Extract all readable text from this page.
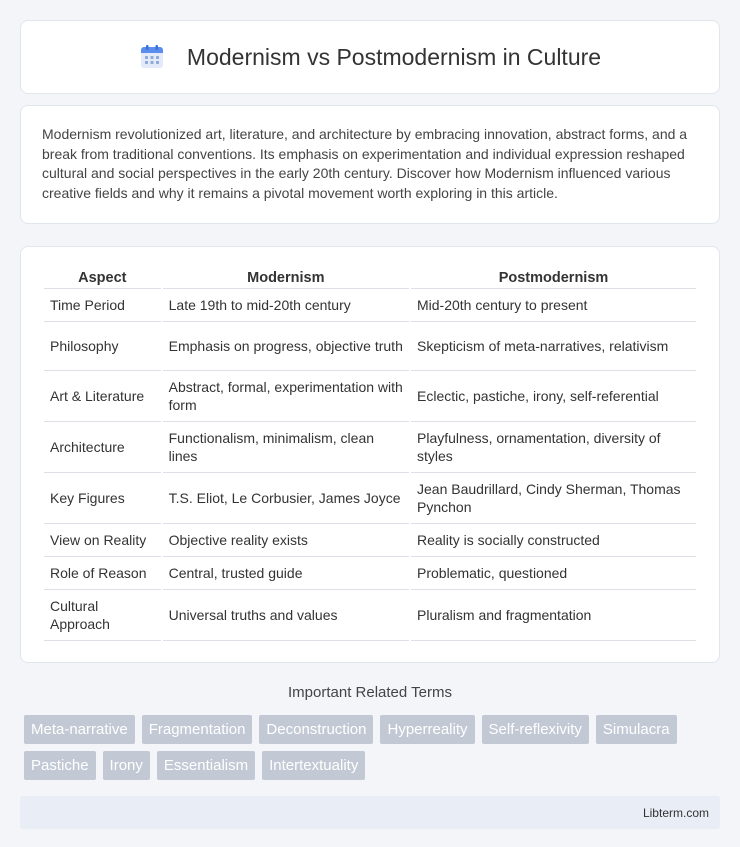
Modernism vs Postmodernism in Culture

Modernism revolutionized art, literature, and architecture by embracing innovation, abstract forms, and a break from traditional conventions. Its emphasis on experimentation and individual expression reshaped cultural and social perspectives in the early 20th century. Discover how Modernism influenced various creative fields and why it remains a pivotal movement worth exploring in this article.

Aspect	Modernism	Postmodernism
Time Period	Late 19th to mid-20th century	Mid-20th century to present
Philosophy	Emphasis on progress, objective truth	Skepticism of meta-narratives, relativism
Art & Literature	Abstract, formal, experimentation with form	Eclectic, pastiche, irony, self-referential
Architecture	Functionalism, minimalism, clean lines	Playfulness, ornamentation, diversity of styles
Key Figures	T.S. Eliot, Le Corbusier, James Joyce	Jean Baudrillard, Cindy Sherman, Thomas Pynchon
View on Reality	Objective reality exists	Reality is socially constructed
Role of Reason	Central, trusted guide	Problematic, questioned
Cultural Approach	Universal truths and values	Pluralism and fragmentation
Important Related Terms
Meta-narrative	Fragmentation	Deconstruction	Hyperreality	Self-reflexivity	Simulacra
Pastiche	Irony	Essentialism	Intertextuality
Libterm.com
